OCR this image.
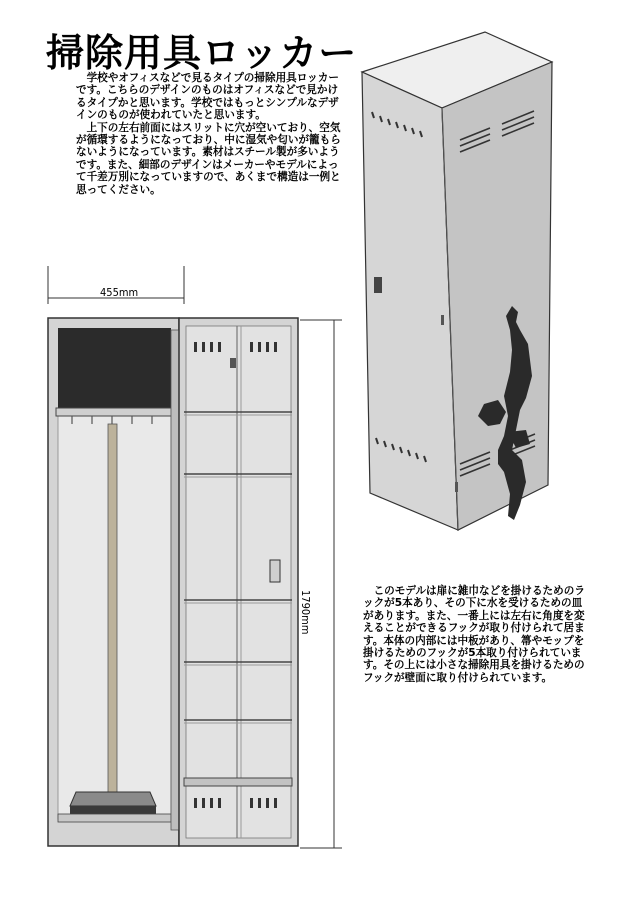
掃除用具ロッカー

学校やオフィスなどで見るタイプの掃除用具ロッカーです。こちらのデザインのものはオフィスなどで見かけるタイプかと思います。学校ではもっとシンプルなデザインのものが使われていたと思います。

上下の左右前面にはスリットに穴が空いており、空気が循環するようになっており、中に湿気や匂いが籠もらないようになっています。素材はスチール製が多いようです。また、細部のデザインはメーカーやモデルによって千差万別になっていますので、あくまで構造は一例と思ってください。

455mm
1790mm	このモデルは扉に雑巾などを掛けるためのラックが5本あり、その下に水を受けるための皿があります。また、一番上には左右に角度を変えることができるフックが取り付けられて居ます。本体の内部には中板があり、箒やモップを掛けるためのフックが5本取り付けられています。その上には小さな掃除用具を掛けるためのフックが壁面に取り付けられています。
